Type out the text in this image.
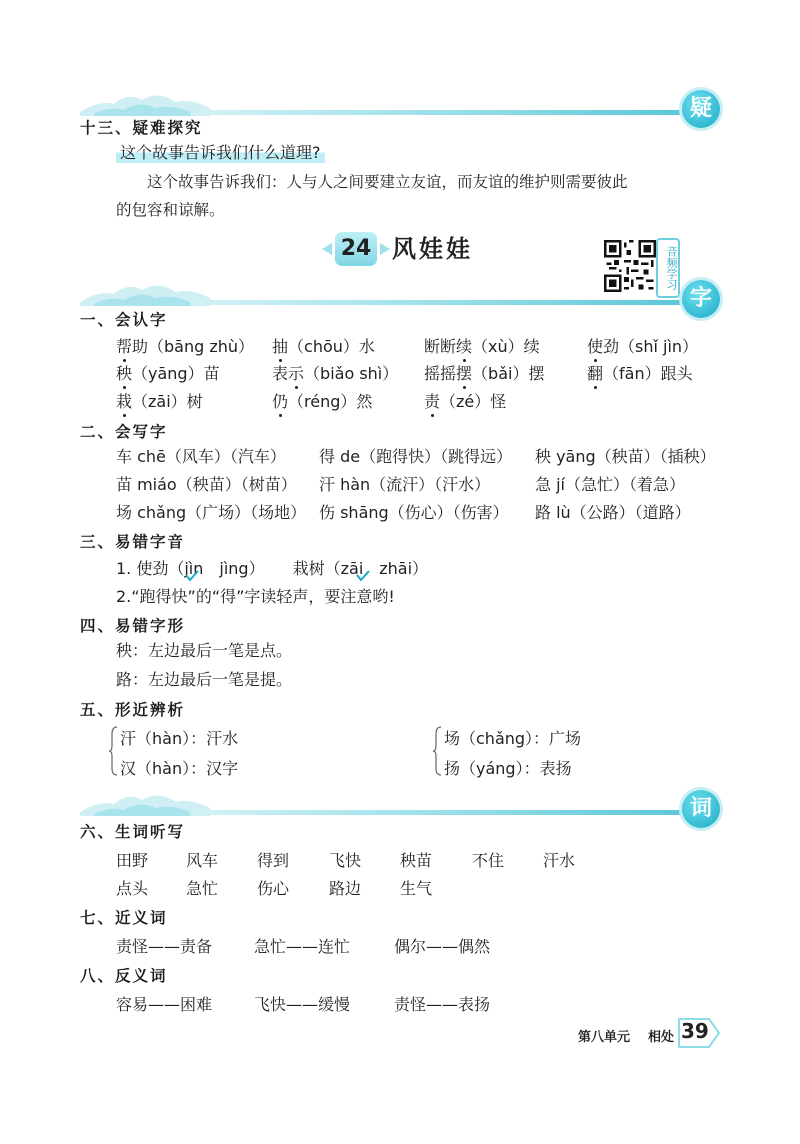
疑
十三、疑难探究
这个故事告诉我们什么道理?
这个故事告诉我们：人与人之间要建立友谊，而友谊的维护则需要彼此
的包容和谅解。
24 风娃娃	音频学习
字
一、会认字
帮助（bāng zhù） 抽（chōu）水	断断续（xù）续	使劲（shǐ jìn）
秧（yāng）苗	表示（biǎo shì） 摇摇摆（bǎi）摆	翻（fān）跟头
栽（zāi）树	仍（réng）然	责（zé）怪
二、会写字
车 chē（风车）（汽车） 得 de（跑得快）（跳得远） 秧 yāng（秧苗）（插秧）
苗 miáo（秧苗）（树苗） 汗 hàn（流汗）（汗水）	急 jí（急忙）（着急）
场 chǎng（广场）（场地） 伤 shāng（伤心）（伤害） 路 lù（公路）（道路）
三、易错字音
1. 使劲（jìn　jìng） 栽树（zāi　zhāi）
2.“跑得快”的“得”字读轻声，要注意哟!
四、易错字形
秧：左边最后一笔是点。
路：左边最后一笔是提。
五、形近辨析
汗（hàn）：汗水
汉（hàn）：汉字
场（chǎng）：广场
扬（yáng）：表扬
词
六、生词听写
田野 风车 得到 飞快 秧苗 不住 汗水
点头 急忙 伤心 路边 生气
七、近义词
责怪——责备	急忙——连忙	偶尔——偶然
八、反义词
容易——困难	飞快——缓慢	责怪——表扬
第八单元 相处 39
